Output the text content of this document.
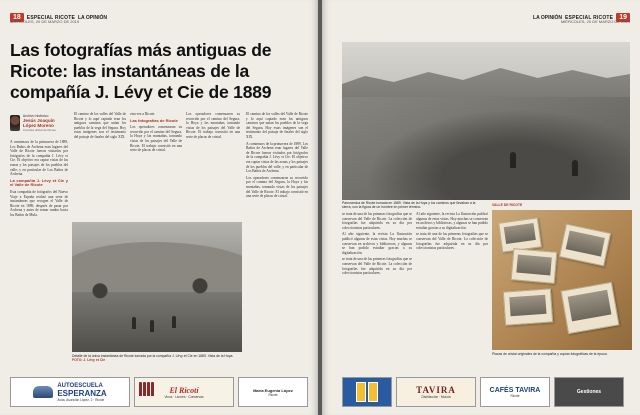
18	ESPECIAL RICOTE LA OPINIÓN
MIÉRCOLES, 20 DE MARZO DE 2019
Las fotografías más antiguas de Ricote: las instantáneas de la compañía J. Lévy et Cie de 1889
Archivo histórico
Jesús Joaquín López Moreno
Cronista oficial de Ricote

A comienzos de la primavera de 1889, Los Baños de Archena eran lugares del Valle de Ricote fueron visitados por fotógrafos de la compañía J. Lévy et Cie. El objetivo era captar vistas de las zonas y los paisajes de los pueblos del valle, y en particular de Los Baños de Archena.

La compañía J. Lévy et Cie y el Valle de Ricote

Esta compañía de fotógrafos del Nuevo Viaje a España realizó una serie de instantáneas que recogen el Valle de Ricote en 1889, después de pasar por Archena y antes de tomar rumbo hacia los Baños de Mula.

El camino de los valles del Valle de Ricote y lo aquí captado eran los antiguos caminos que unían los pueblos de la vega del Segura. Hoy estas imágenes son el testimonio del paisaje de finales del siglo XIX.

otra vez a Ricote.

Las fotografías de Ricote

Los operadores comenzaron su recorrido por el camino del Segura, la Hoya y las montañas, tomando vistas de los paisajes del Valle de Ricote. El trabajo consistió en una serie de placas de cristal.

Los operadores comenzaron su recorrido por el camino del Segura, la Hoya y las montañas, tomando vistas de los paisajes del Valle de Ricote. El trabajo consistió en una serie de placas de cristal.

El camino de los valles del Valle de Ricote y lo aquí captado eran los antiguos caminos que unían los pueblos de la vega del Segura. Hoy estas imágenes son el testimonio del paisaje de finales del siglo XIX.

A comienzos de la primavera de 1889, Los Baños de Archena eran lugares del Valle de Ricote fueron visitados por fotógrafos de la compañía J. Lévy et Cie. El objetivo era captar vistas de las zonas y los paisajes de los pueblos del valle, y en particular de Los Baños de Archena.

Los operadores comenzaron su recorrido por el camino del Segura, la Hoya y las montañas, tomando vistas de los paisajes del Valle de Ricote. El trabajo consistió en una serie de placas de cristal.

Detalle de la única instantánea de Ricote tomada por la compañía J. Lévy et Cie en 1889. Vista de la Hoya. FOTO: J. Lévy et Cie
AUTOESCUELA
ESPERANZA
Avda. Asunción López, 2 · Ricote
El Ricotí
Vinos · Licores · Conservas
María Eugenia López
Ricote
LA OPINIÓN ESPECIAL RICOTE 19
MIÉRCOLES, 20 DE MARZO DE 2019
Panorámica de Ricote tomada en 1889. Vista de la Hoya y los caminos que llevaban a la sierra, con la figura de un hombre en primer término.
VALLE DE RICOTE

se trata de una de las primeras fotografías que se conservan del Valle de Ricote. La colección de fotografías fue adquirida en su día por coleccionistas particulares.

Al año siguiente, la revista La Ilustración publicó algunas de estas vistas. Hoy muchas se conservan en archivos y bibliotecas, y algunas se han podido estudiar gracias a su digitalización.

se trata de una de las primeras fotografías que se conservan del Valle de Ricote. La colección de fotografías fue adquirida en su día por coleccionistas particulares.

Al año siguiente, la revista La Ilustración publicó algunas de estas vistas. Hoy muchas se conservan en archivos y bibliotecas, y algunas se han podido estudiar gracias a su digitalización.

se trata de una de las primeras fotografías que se conservan del Valle de Ricote. La colección de fotografías fue adquirida en su día por coleccionistas particulares.

Placas de cristal originales de la compañía y copias fotográficas de la época.
TAVIRA
Distribución · Murcia
CAFÉS TAVIRA
Ricote
Gestiones
